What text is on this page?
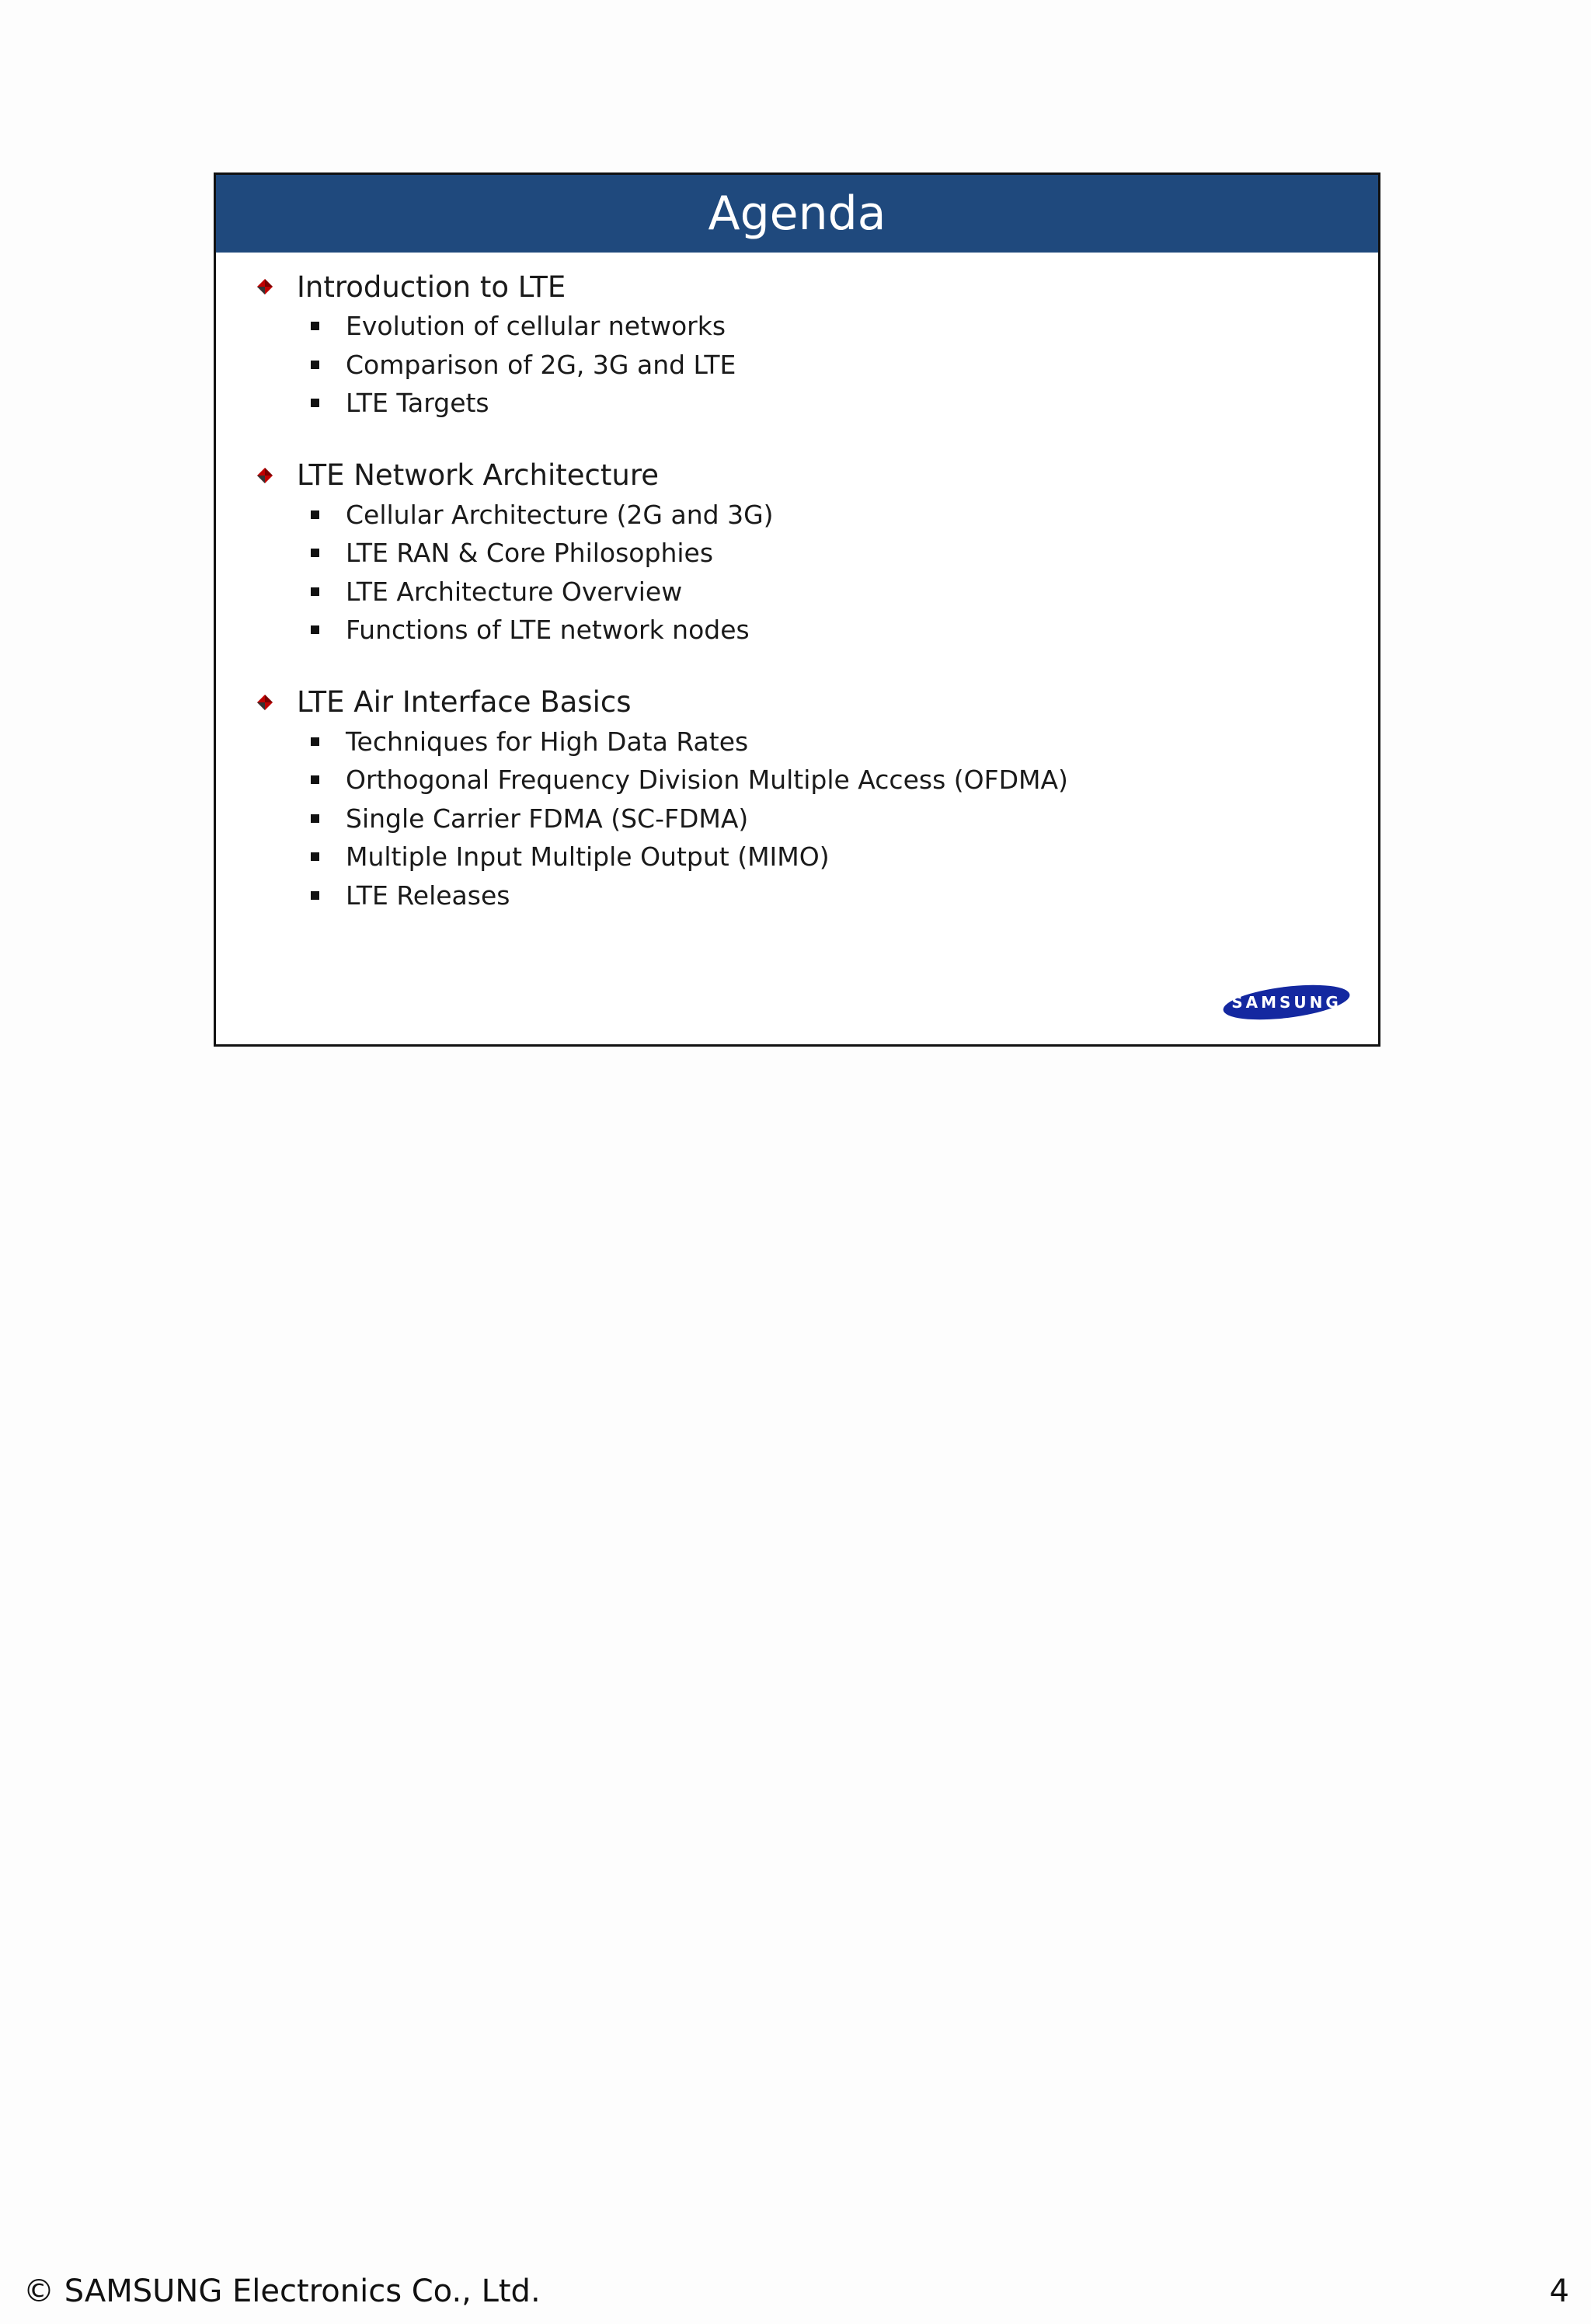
Agenda
Introduction to LTE
Evolution of cellular networks
Comparison of 2G, 3G and LTE
LTE Targets
LTE Network Architecture
Cellular Architecture (2G and 3G)
LTE RAN & Core Philosophies
LTE Architecture Overview
Functions of LTE network nodes
LTE Air Interface Basics
Techniques for High Data Rates
Orthogonal Frequency Division Multiple Access (OFDMA)
Single Carrier FDMA (SC-FDMA)
Multiple Input Multiple Output (MIMO)
LTE Releases
SAMSUNG
© SAMSUNG Electronics Co., Ltd.	4
